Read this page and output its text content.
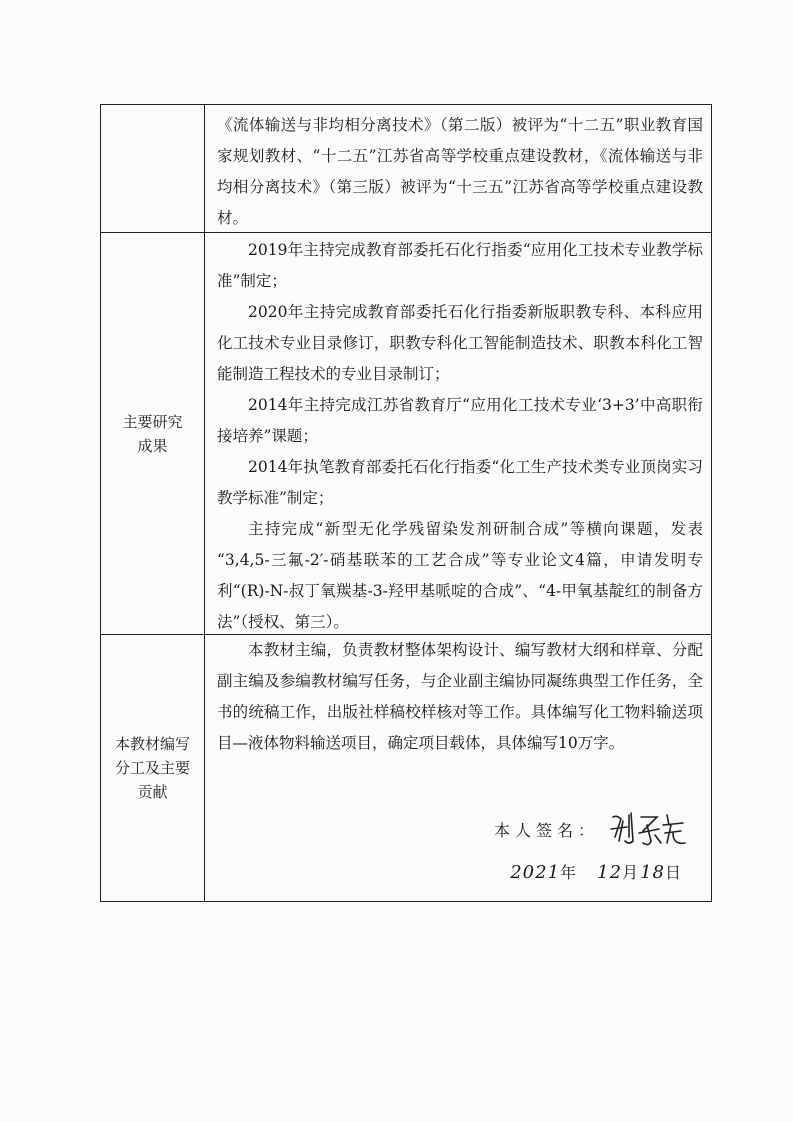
《流体输送与非均相分离技术》（第二版）被评为“十二五”职业教育国家规划教材、“十二五”江苏省高等学校重点建设教材，《流体输送与非均相分离技术》（第三版）被评为“十三五”江苏省高等学校重点建设教材。

主要研究成果

2019年主持完成教育部委托石化行指委“应用化工技术专业教学标准”制定；

2020年主持完成教育部委托石化行指委新版职教专科、本科应用化工技术专业目录修订，职教专科化工智能制造技术、职教本科化工智能制造工程技术的专业目录制订；

2014年主持完成江苏省教育厅“应用化工技术专业‘3+3’中高职衔接培养”课题；

2014年执笔教育部委托石化行指委“化工生产技术类专业顶岗实习教学标准”制定；

主持完成“新型无化学残留染发剂研制合成”等横向课题，发表 “3,4,5-三氟-2′-硝基联苯的工艺合成”等专业论文4篇，申请发明专利“(R)-N-叔丁氧羰基-3-羟甲基哌啶的合成”、“4-甲氧基靛红的制备方法”（授权、第三）。

本教材编写分工及主要贡献

本教材主编，负责教材整体架构设计、编写教材大纲和样章、分配副主编及参编教材编写任务，与企业副主编协同凝练典型工作任务，全书的统稿工作，出版社样稿校样核对等工作。具体编写化工物料输送项目—液体物料输送项目，确定项目载体，具体编写10万字。

本人签名：
2021年 12月18日
